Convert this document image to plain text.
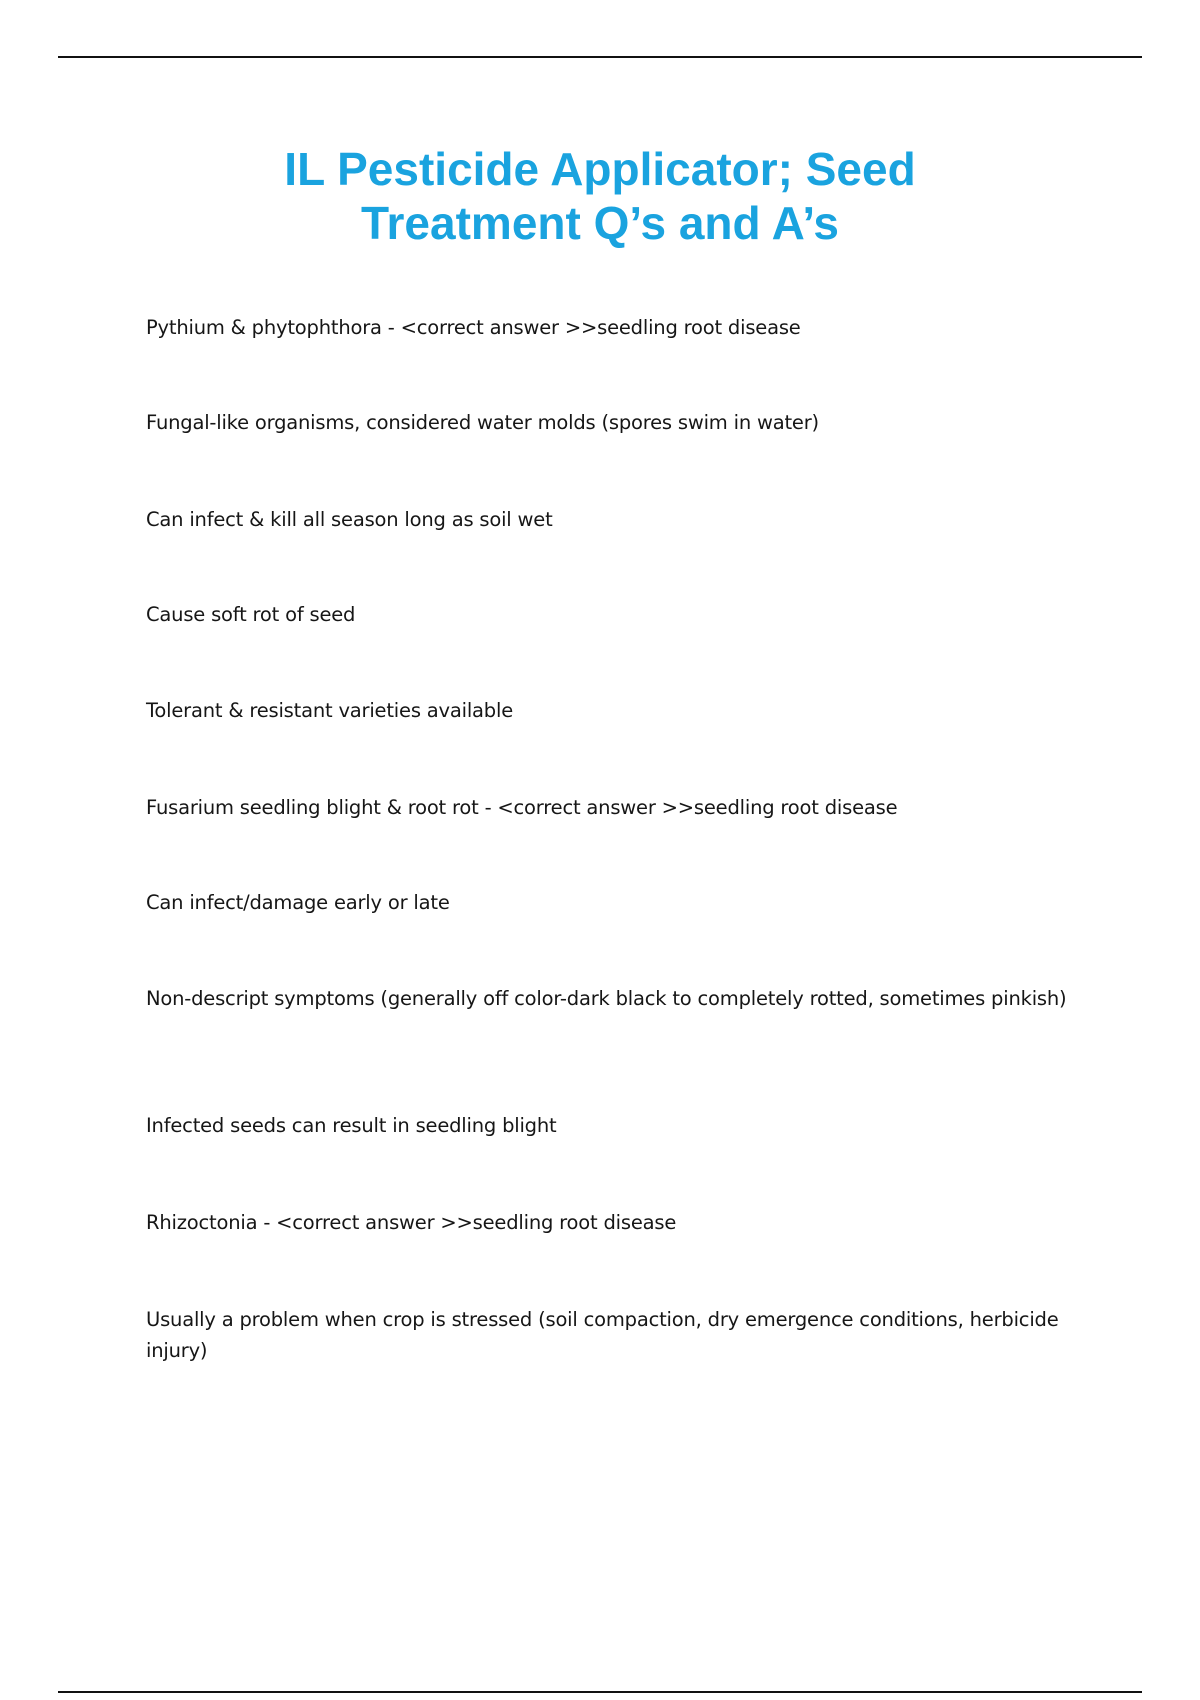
IL Pesticide Applicator; Seed
Treatment Q’s and A’s

Pythium & phytophthora - <correct answer >>seedling root disease

Fungal-like organisms, considered water molds (spores swim in water)

Can infect & kill all season long as soil wet

Cause soft rot of seed

Tolerant & resistant varieties available

Fusarium seedling blight & root rot - <correct answer >>seedling root disease

Can infect/damage early or late

Non-descript symptoms (generally off color-dark black to completely rotted, sometimes pinkish)

Infected seeds can result in seedling blight

Rhizoctonia - <correct answer >>seedling root disease

Usually a problem when crop is stressed (soil compaction, dry emergence conditions, herbicide injury)
